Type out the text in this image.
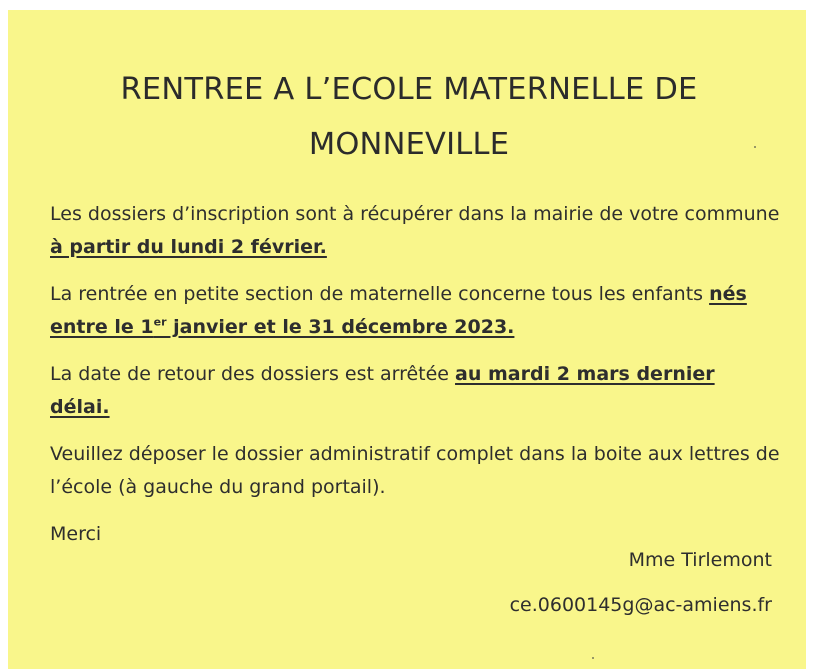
RENTREE A L’ECOLE MATERNELLE DE
MONNEVILLE

Les dossiers d’inscription sont à récupérer dans la mairie de votre commune à partir du lundi 2 février.

La rentrée en petite section de maternelle concerne tous les enfants nés entre le 1er janvier et le 31 décembre 2023.

La date de retour des dossiers est arrêtée au mardi 2 mars dernier délai.

Veuillez déposer le dossier administratif complet dans la boite aux lettres de l’école (à gauche du grand portail).

Merci

Mme Tirlemont
ce.0600145g@ac-amiens.fr
